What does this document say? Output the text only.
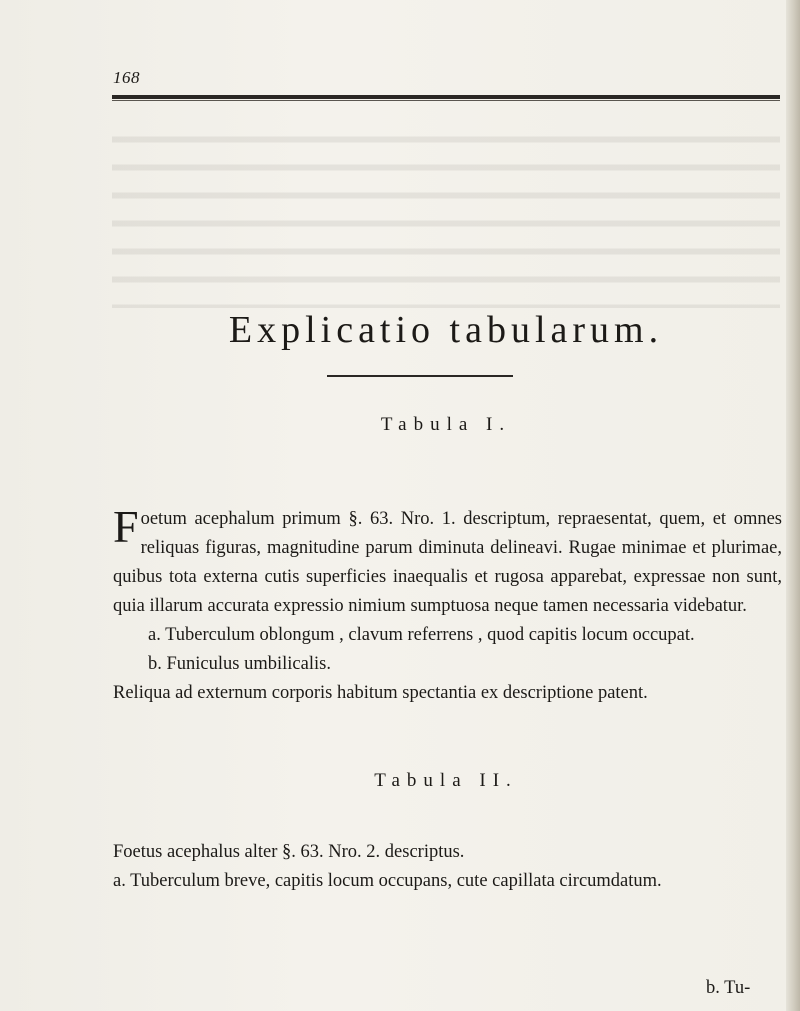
168
Explicatio tabularum.
Tabula I.

Foetum acephalum primum §. 63. Nro. 1. descriptum, repraesentat, quem, et omnes reliquas figuras, magnitudine parum diminuta delineavi. Rugae minimae et plurimae, quibus tota externa cutis superficies inaequalis et rugosa apparebat, expressae non sunt, quia illarum accurata expressio nimium sumptuosa neque tamen necessaria videbatur.

a. Tuberculum oblongum , clavum referrens , quod capitis locum occupat.

b. Funiculus umbilicalis.

Reliqua ad externum corporis habitum spectantia ex descriptione patent.

Tabula II.

Foetus acephalus alter §. 63. Nro. 2. descriptus.

a. Tuberculum breve, capitis locum occupans, cute capillata circumdatum.

b. Tu-
